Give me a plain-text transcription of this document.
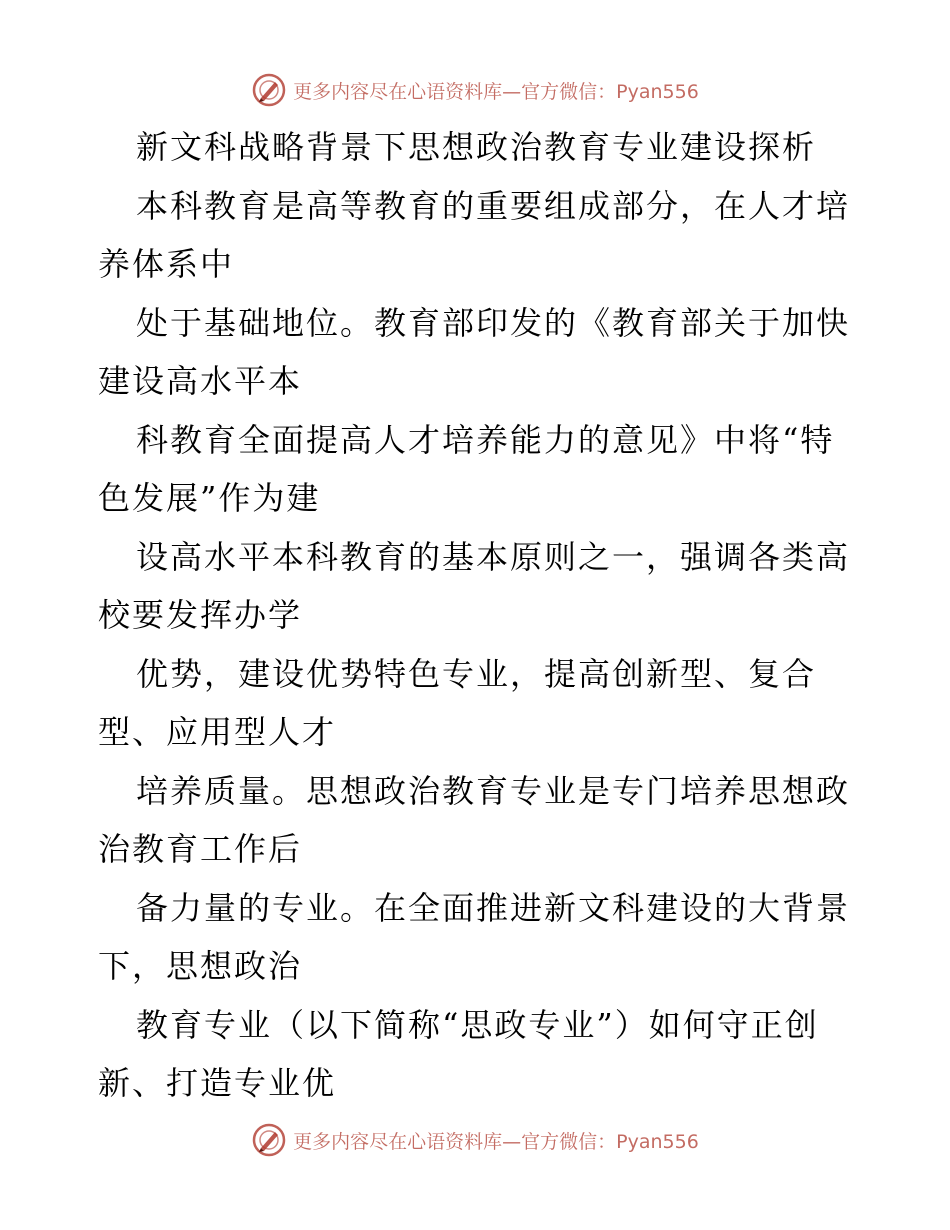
更多内容尽在心语资料库—官方微信：Pyan556
新文科战略背景下思想政治教育专业建设探析
本科教育是高等教育的重要组成部分，在人才培
养体系中
处于基础地位。教育部印发的《教育部关于加快
建设高水平本
科教育全面提高人才培养能力的意见》中将“特
色发展”作为建
设高水平本科教育的基本原则之一，强调各类高
校要发挥办学
优势，建设优势特色专业，提高创新型、复合
型、应用型人才
培养质量。思想政治教育专业是专门培养思想政
治教育工作后
备力量的专业。在全面推进新文科建设的大背景
下，思想政治
教育专业（以下简称“思政专业”）如何守正创
新、打造专业优
更多内容尽在心语资料库—官方微信：Pyan556
